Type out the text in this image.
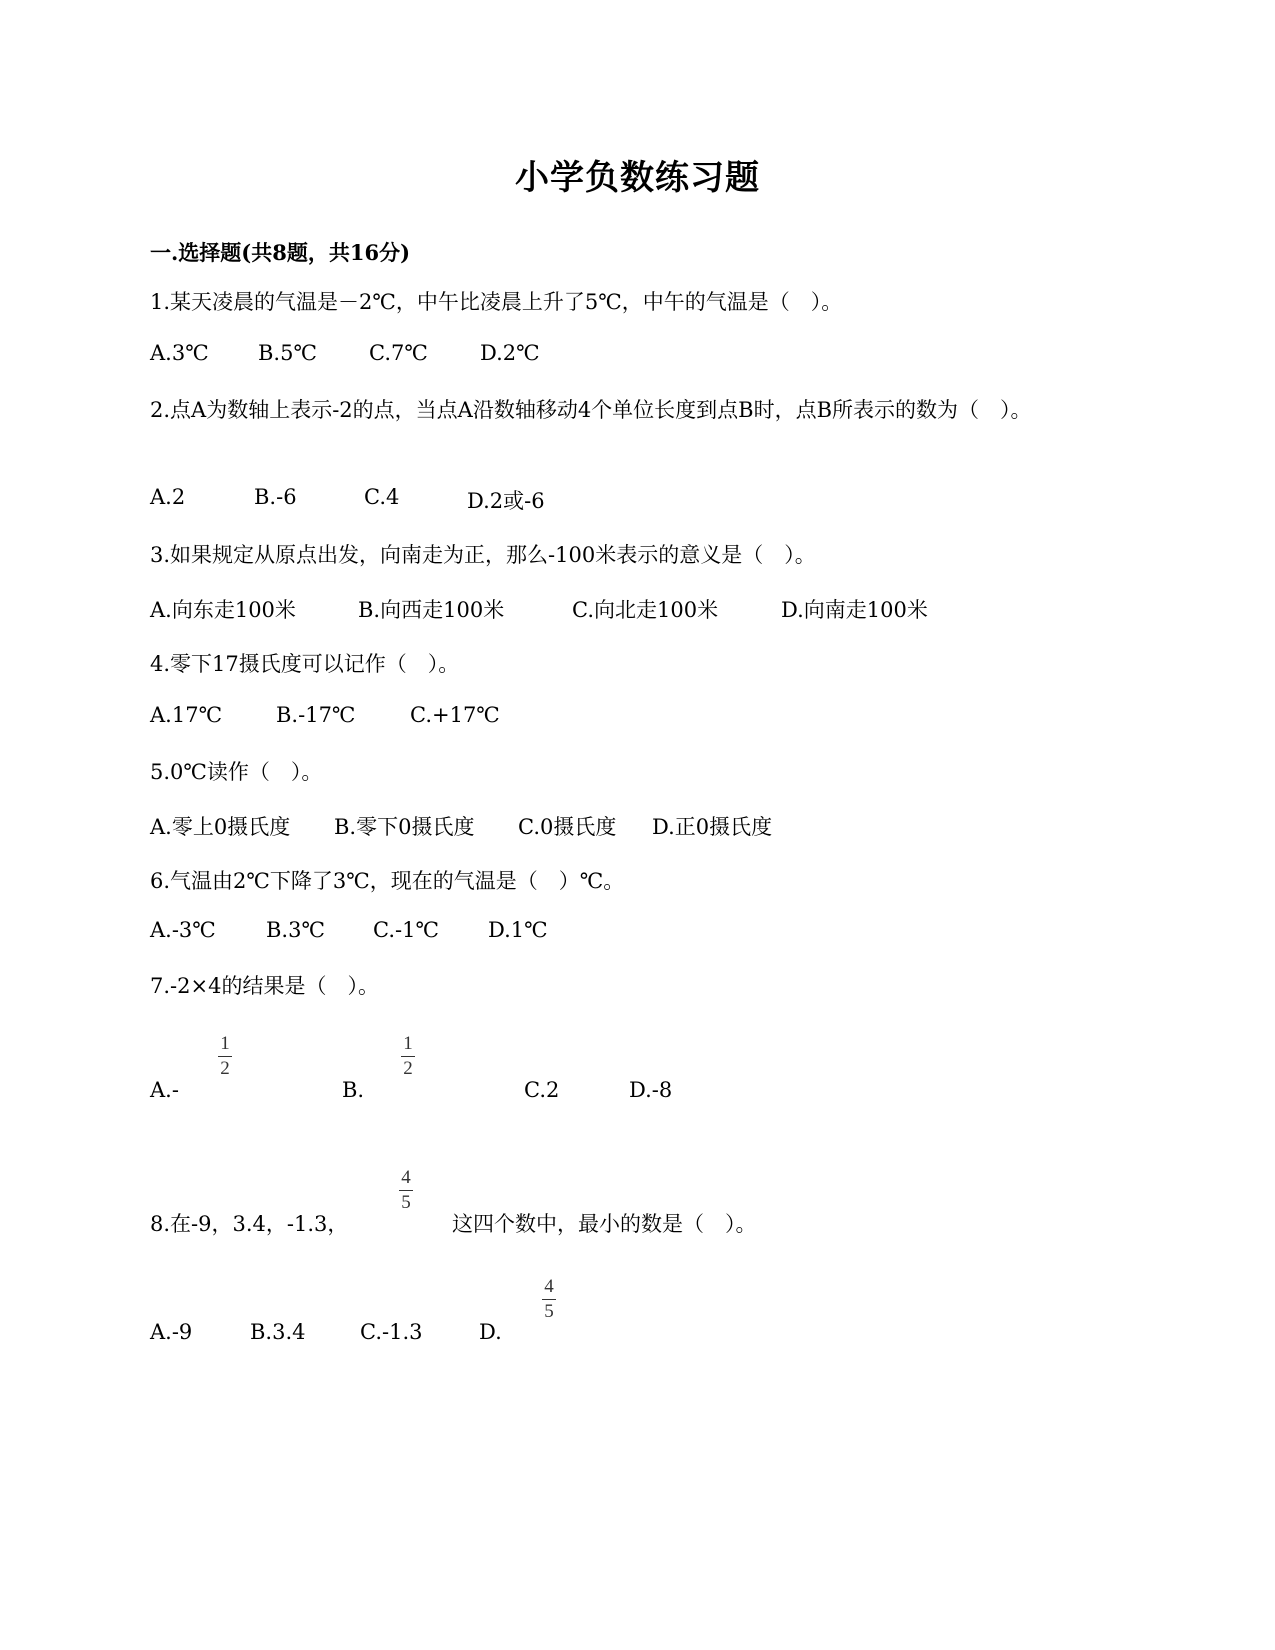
小学负数练习题
一.选择题(共8题，共16分)
1.某天凌晨的气温是－2℃，中午比凌晨上升了5℃，中午的气温是（　）。
A.3℃ B.5℃ C.7℃ D.2℃
2.点A为数轴上表示-2的点，当点A沿数轴移动4个单位长度到点B时，点B所表示的数为（　）。
A.2	B.-6	C.4	D.2或-6
3.如果规定从原点出发，向南走为正，那么-100米表示的意义是（　）。
A.向东走100米	B.向西走100米	C.向北走100米	D.向南走100米
4.零下17摄氏度可以记作（　）。
A.17℃	B.-17℃	C.+17℃
5.0℃读作（　）。
A.零上0摄氏度 B.零下0摄氏度 C.0摄氏度 D.正0摄氏度
6.气温由2℃下降了3℃，现在的气温是（　）℃。
A.-3℃ B.3℃ C.-1℃ D.1℃
7.-2×4的结果是（　）。
A.-
1
2
B.
1
2
C.2	D.-8
8.在-9，3.4，-1.3，
4
5
这四个数中，最小的数是（　）。
A.-9	B.3.4	C.-1.3	D.
4
5
